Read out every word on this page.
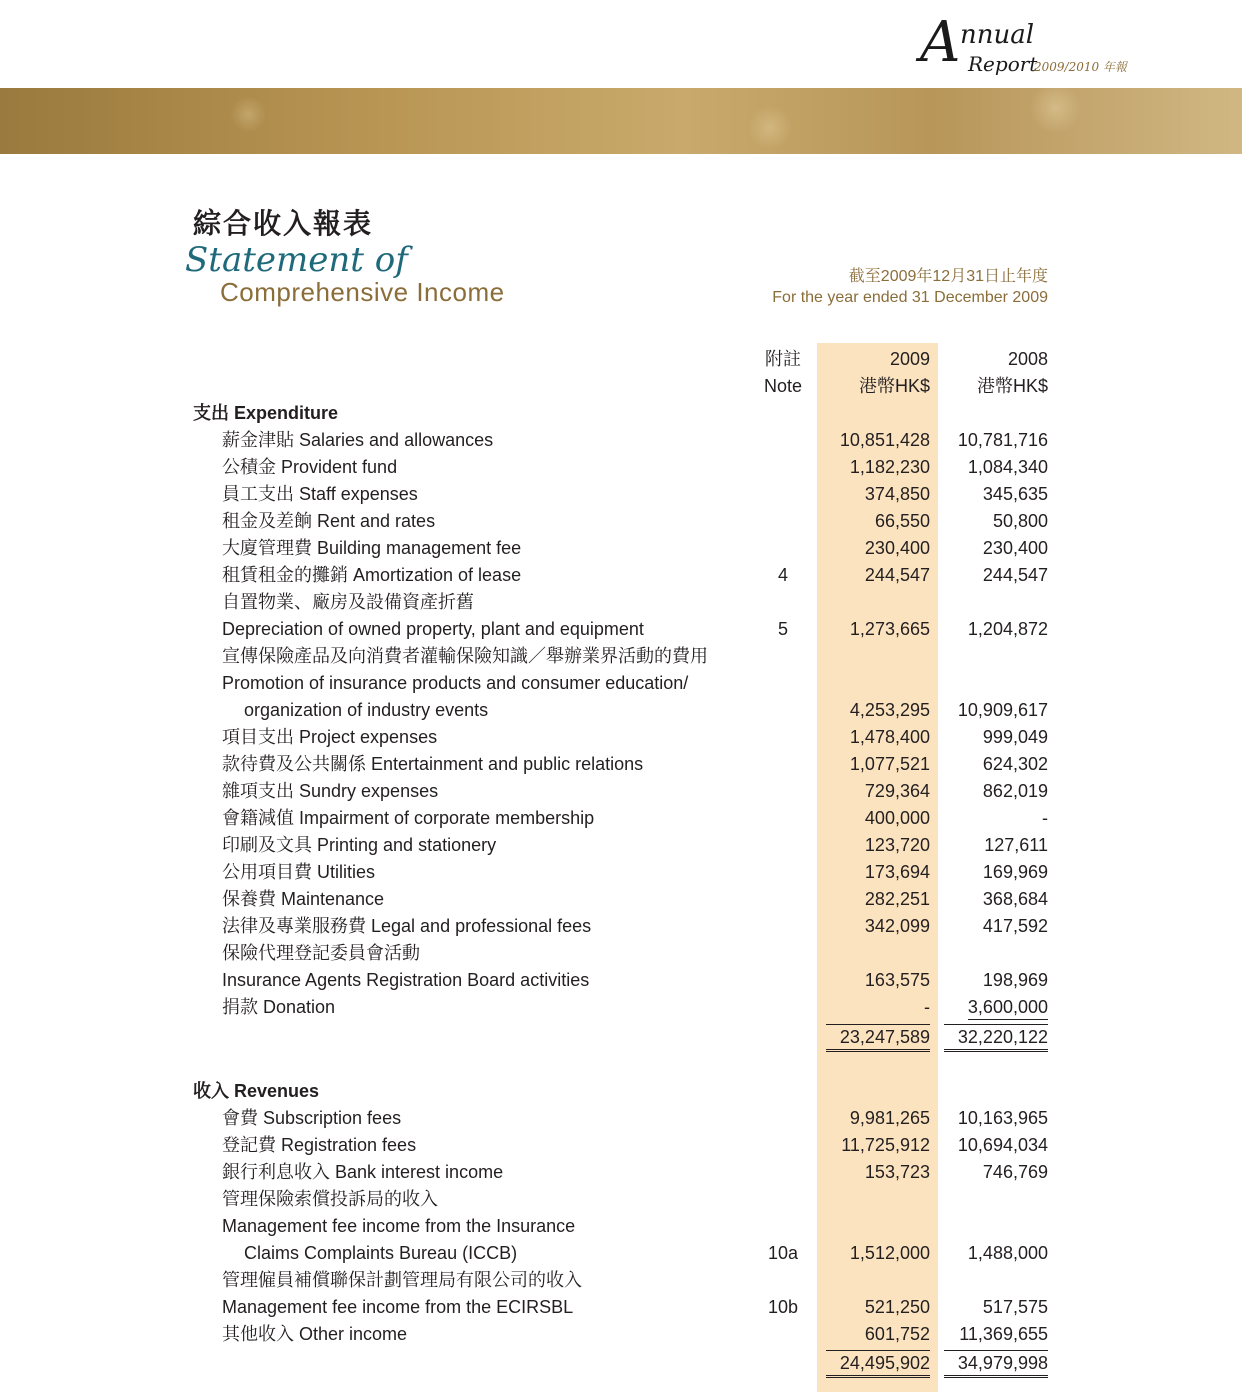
A nnual
Report
2009/2010 年報
綜合收入報表
Statement of
Comprehensive Income
截至2009年12月31日止年度
For the year ended 31 December 2009
附註	2009	2008
Note	港幣HK$	港幣HK$
支出 Expenditure
薪金津貼 Salaries and allowances	10,851,428 10,781,716
公積金 Provident fund	1,182,230 1,084,340
員工支出 Staff expenses	374,850	345,635
租金及差餉 Rent and rates	66,550	50,800
大廈管理費 Building management fee	230,400	230,400
租賃租金的攤銷 Amortization of lease	4	244,547	244,547
自置物業、廠房及設備資產折舊
Depreciation of owned property, plant and equipment	5	1,273,665 1,204,872
宣傳保險產品及向消費者灌輸保險知識／舉辦業界活動的費用
Promotion of insurance products and consumer education/
organization of industry events	4,253,295 10,909,617
項目支出 Project expenses	1,478,400	999,049
款待費及公共關係 Entertainment and public relations	1,077,521	624,302
雜項支出 Sundry expenses	729,364	862,019
會籍減值 Impairment of corporate membership	400,000	-
印刷及文具 Printing and stationery	123,720	127,611
公用項目費 Utilities	173,694	169,969
保養費 Maintenance	282,251	368,684
法律及專業服務費 Legal and professional fees	342,099	417,592
保險代理登記委員會活動
Insurance Agents Registration Board activities	163,575	198,969
捐款 Donation	- 3,600,000
23,247,589	32,220,122
收入 Revenues
會費 Subscription fees	9,981,265 10,163,965
登記費 Registration fees	11,725,912 10,694,034
銀行利息收入 Bank interest income	153,723	746,769
管理保險索償投訴局的收入
Management fee income from the Insurance
Claims Complaints Bureau (ICCB)	10a	1,512,000 1,488,000
管理僱員補償聯保計劃管理局有限公司的收入
Management fee income from the ECIRSBL	10b	521,250	517,575
其他收入 Other income	601,752 11,369,655
24,495,902	34,979,998
